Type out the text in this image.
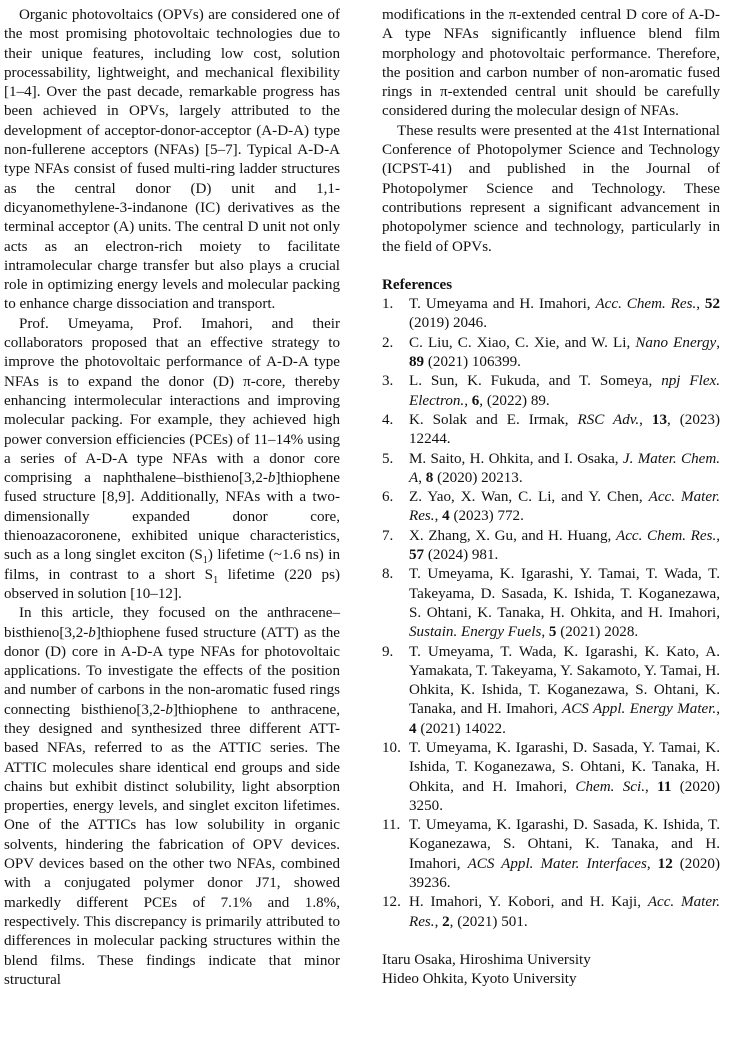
Organic photovoltaics (OPVs) are considered one of the most promising photovoltaic technologies due to their unique features, including low cost, solution processability, lightweight, and mechanical flexibility [1–4]. Over the past decade, remarkable progress has been achieved in OPVs, largely attributed to the development of acceptor-donor-acceptor (A-D-A) type non-fullerene acceptors (NFAs) [5–7]. Typical A-D-A type NFAs consist of fused multi-ring ladder structures as the central donor (D) unit and 1,1-dicyanomethylene-3-indanone (IC) derivatives as the terminal acceptor (A) units. The central D unit not only acts as an electron-rich moiety to facilitate intramolecular charge transfer but also plays a crucial role in optimizing energy levels and molecular packing to enhance charge dissociation and transport.

Prof. Umeyama, Prof. Imahori, and their collaborators proposed that an effective strategy to improve the photovoltaic performance of A-D-A type NFAs is to expand the donor (D) π-core, thereby enhancing intermolecular interactions and improving molecular packing. For example, they achieved high power conversion efficiencies (PCEs) of 11–14% using a series of A-D-A type NFAs with a donor core comprising a naphthalene–bisthieno[3,2-b]thiophene fused structure [8,9]. Additionally, NFAs with a two-dimensionally expanded donor core, thienoazacoronene, exhibited unique characteristics, such as a long singlet exciton $(S_1)$ lifetime (~1.6 ns) in films, in contrast to a short $S_1$ lifetime (220 ps) observed in solution [10–12].

In this article, they focused on the anthracene–bisthieno[3,2-b]thiophene fused structure (ATT) as the donor (D) core in A-D-A type NFAs for photovoltaic applications. To investigate the effects of the position and number of carbons in the non-aromatic fused rings connecting bisthieno[3,2-b]thiophene to anthracene, they designed and synthesized three different ATT-based NFAs, referred to as the ATTIC series. The ATTIC molecules share identical end groups and side chains but exhibit distinct solubility, light absorption properties, energy levels, and singlet exciton lifetimes. One of the ATTICs has low solubility in organic solvents, hindering the fabrication of OPV devices. OPV devices based on the other two NFAs, combined with a conjugated polymer donor J71, showed markedly different PCEs of 7.1% and 1.8%, respectively. This discrepancy is primarily attributed to differences in molecular packing structures within the blend films. These findings indicate that minor structural

modifications in the π-extended central D core of A-D-A type NFAs significantly influence blend film morphology and photovoltaic performance. Therefore, the position and carbon number of non-aromatic fused rings in π-extended central unit should be carefully considered during the molecular design of NFAs.

These results were presented at the 41st International Conference of Photopolymer Science and Technology (ICPST-41) and published in the Journal of Photopolymer Science and Technology. These contributions represent a significant advancement in photopolymer science and technology, particularly in the field of OPVs.

References
1.	T. Umeyama and H. Imahori, Acc. Chem. Res., 52 (2019) 2046.
2.	C. Liu, C. Xiao, C. Xie, and W. Li, Nano Energy, 89 (2021) 106399.
3.	L. Sun, K. Fukuda, and T. Someya, npj Flex. Electron., 6, (2022) 89.
4.	K. Solak and E. Irmak, RSC Adv., 13, (2023) 12244.
5.	M. Saito, H. Ohkita, and I. Osaka, J. Mater. Chem. A, 8 (2020) 20213.
6.	Z. Yao, X. Wan, C. Li, and Y. Chen, Acc. Mater. Res., 4 (2023) 772.
7.	X. Zhang, X. Gu, and H. Huang, Acc. Chem. Res., 57 (2024) 981.
8.	T. Umeyama, K. Igarashi, Y. Tamai, T. Wada, T. Takeyama, D. Sasada, K. Ishida, T. Koganezawa, S. Ohtani, K. Tanaka, H. Ohkita, and H. Imahori, Sustain. Energy Fuels, 5 (2021) 2028.
9.	T. Umeyama, T. Wada, K. Igarashi, K. Kato, A. Yamakata, T. Takeyama, Y. Sakamoto, Y. Tamai, H. Ohkita, K. Ishida, T. Koganezawa, S. Ohtani, K. Tanaka, and H. Imahori, ACS Appl. Energy Mater., 4 (2021) 14022.
10. T. Umeyama, K. Igarashi, D. Sasada, Y. Tamai, K. Ishida, T. Koganezawa, S. Ohtani, K. Tanaka, H. Ohkita, and H. Imahori, Chem. Sci., 11 (2020) 3250.
11. T. Umeyama, K. Igarashi, D. Sasada, K. Ishida, T. Koganezawa, S. Ohtani, K. Tanaka, and H. Imahori, ACS Appl. Mater. Interfaces, 12 (2020) 39236.
12. H. Imahori, Y. Kobori, and H. Kaji, Acc. Mater. Res., 2, (2021) 501.
Itaru Osaka, Hiroshima University
Hideo Ohkita, Kyoto University
